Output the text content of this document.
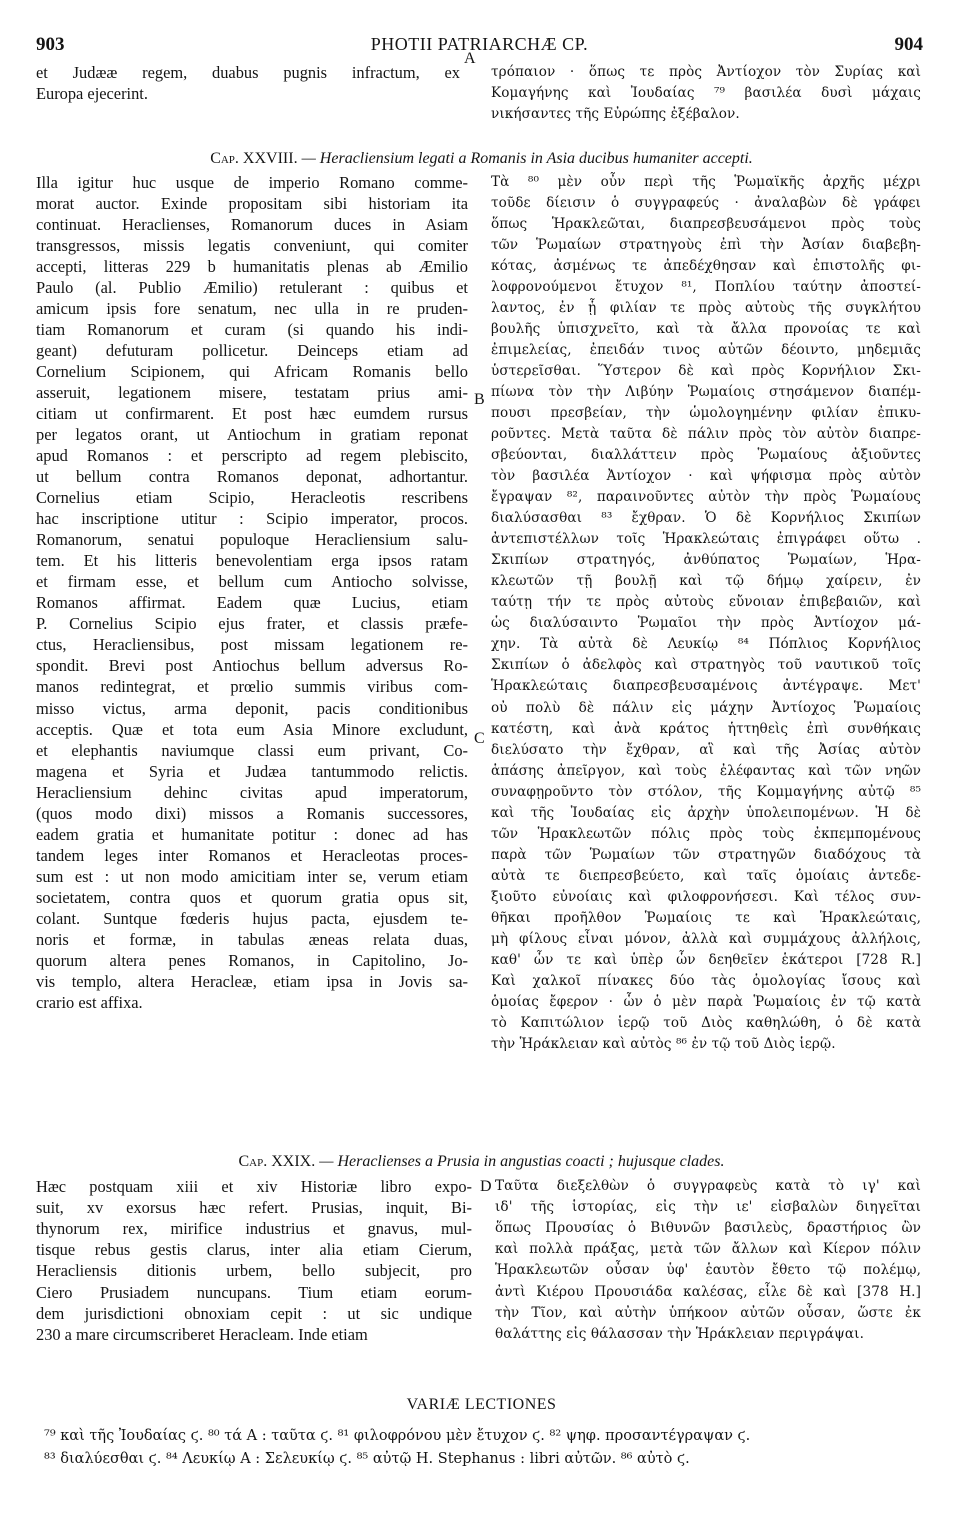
903	PHOTII PATRIARCHÆ CP.	904
et Judææ regem, duabus pugnis infractum, ex
Europa ejecerint.
τρόπαιον · ὅπως τε πρὸς Ἀντίοχον τὸν Συρίας καὶ
Κομαγήνης καὶ Ἰουδαίας ⁷⁹ βασιλέα δυσὶ μάχαις
νικήσαντες τῆς Εὐρώπης ἐξέβαλον.
A
Cap. XXVIII. — Heracliensium legati a Romanis in Asia ducibus humaniter accepti.
Illa igitur huc usque de imperio Romano comme-
morat auctor. Exinde propositam sibi historiam ita
continuat. Heraclienses, Romanorum duces in Asiam
transgressos, missis legatis conveniunt, qui comiter
accepti, litteras 229 b humanitatis plenas ab Æmilio
Paulo (al. Publio Æmilio) retulerant : quibus et
amicum ipsis fore senatum, nec ulla in re pruden-
tiam Romanorum et curam (si quando his indi-
geant) defuturam pollicetur. Deinceps etiam ad
Cornelium Scipionem, qui Africam Romanis bello
asseruit, legationem misere, testatam prius ami-
citiam ut confirmarent. Et post hæc eumdem rursus
per legatos orant, ut Antiochum in gratiam reponat
apud Romanos : et perscripto ad regem plebiscito,
ut bellum contra Romanos deponat, adhortantur.
Cornelius etiam Scipio, Heracleotis rescribens
hac inscriptione utitur : Scipio imperator, procos.
Romanorum, senatui populoque Heracliensium salu-
tem. Et his litteris benevolentiam erga ipsos ratam
et firmam esse, et bellum cum Antiocho solvisse,
Romanos affirmat. Eadem quæ Lucius, etiam
P. Cornelius Scipio ejus frater, et classis præfe-
ctus, Heracliensibus, post missam legationem re-
spondit. Brevi post Antiochus bellum adversus Ro-
manos redintegrat, et prœlio summis viribus com-
misso victus, arma deponit, pacis conditionibus
acceptis. Quæ et tota eum Asia Minore excludunt,
et elephantis naviumque classi eum privant, Co-
magena et Syria et Judæa tantummodo relictis.
Heracliensium dehinc civitas apud imperatorum,
(quos modo dixi) missos a Romanis successores,
eadem gratia et humanitate potitur : donec ad has
tandem leges inter Romanos et Heracleotas proces-
sum est : ut non modo amicitiam inter se, verum etiam
societatem, contra quos et quorum gratia opus sit,
colant. Suntque fœderis hujus pacta, ejusdem te-
noris et formæ, in tabulas æneas relata duas,
quorum altera penes Romanos, in Capitolino, Jo-
vis templo, altera Heracleæ, etiam ipsa in Jovis sa-
crario est affixa.
Τὰ ⁸⁰ μὲν οὖν περὶ τῆς Ῥωμαϊκῆς ἀρχῆς μέχρι
τοῦδε δίεισιν ὁ συγγραφεύς · ἀναλαβὼν δὲ γράφει
ὅπως Ἡρακλεῶται, διαπρεσβευσάμενοι πρὸς τοὺς
τῶν Ῥωμαίων στρατηγοὺς ἐπὶ τὴν Ἀσίαν διαβεβη-
κότας, ἀσμένως τε ἀπεδέχθησαν καὶ ἐπιστολῆς φι-
λοφρονούμενοι ἔτυχον ⁸¹, Ποπλίου ταύτην ἀποστεί-
λαντος, ἐν ᾗ φιλίαν τε πρὸς αὐτοὺς τῆς συγκλήτου
βουλῆς ὑπισχνεῖτο, καὶ τὰ ἄλλα προνοίας τε καὶ
ἐπιμελείας, ἐπειδάν τινος αὐτῶν δέοιντο, μηδεμιᾶς
ὑστερεῖσθαι. Ὕστερον δὲ καὶ πρὸς Κορνήλιον Σκι-
πίωνα τὸν τὴν Λιβύην Ῥωμαίοις στησάμενον διαπέμ-
πουσι πρεσβείαν, τὴν ὡμολογημένην φιλίαν ἐπικυ-
ροῦντες. Μετὰ ταῦτα δὲ πάλιν πρὸς τὸν αὐτὸν διαπρε-
σβεύονται, διαλλάττειν πρὸς Ῥωμαίους ἀξιοῦντες
τὸν βασιλέα Ἀντίοχον · καὶ ψήφισμα πρὸς αὐτὸν
ἔγραψαν ⁸², παραινοῦντες αὐτὸν τὴν πρὸς Ῥωμαίους
διαλύσασθαι ⁸³ ἔχθραν. Ὁ δὲ Κορνήλιος Σκιπίων
ἀντεπιστέλλων τοῖς Ἡρακλεώταις ἐπιγράφει οὕτω .
Σκιπίων στρατηγός, ἀνθύπατος Ῥωμαίων, Ἡρα-
κλεωτῶν τῇ βουλῇ καὶ τῷ δήμῳ χαίρειν, ἐν
ταύτῃ τήν τε πρὸς αὐτοὺς εὔνοιαν ἐπιβεβαιῶν, καὶ
ὡς διαλύσαιντο Ῥωμαῖοι τὴν πρὸς Ἀντίοχον μά-
χην. Τὰ αὐτὰ δὲ Λευκίῳ ⁸⁴ Πόπλιος Κορνήλιος
Σκιπίων ὁ ἀδελφὸς καὶ στρατηγὸς τοῦ ναυτικοῦ τοῖς
Ἡρακλεώταις διαπρεσβευσαμένοις ἀντέγραψε. Μετ'
οὐ πολὺ δὲ πάλιν εἰς μάχην Ἀντίοχος Ῥωμαίοις
κατέστη, καὶ ἀνὰ κράτος ἡττηθεὶς ἐπὶ συνθήκαις
διελύσατο τὴν ἔχθραν, αἳ καὶ τῆς Ἀσίας αὐτὸν
ἁπάσης ἀπεῖργον, καὶ τοὺς ἐλέφαντας καὶ τῶν νηῶν
συναφῃροῦντο τὸν στόλον, τῆς Κομμαγήνης αὐτῷ ⁸⁵
καὶ τῆς Ἰουδαίας εἰς ἀρχὴν ὑπολειπομένων. Ἡ δὲ
τῶν Ἡρακλεωτῶν πόλις πρὸς τοὺς ἐκπεμπομένους
παρὰ τῶν Ῥωμαίων τῶν στρατηγῶν διαδόχους τὰ
αὐτὰ τε διεπρεσβεύετο, καὶ ταῖς ὁμοίαις ἀντεδε-
ξιοῦτο εὐνοίαις καὶ φιλοφρονήσεσι. Καὶ τέλος συν-
θῆκαι προῆλθον Ῥωμαίοις τε καὶ Ἡρακλεώταις,
μὴ φίλους εἶναι μόνον, ἀλλὰ καὶ συμμάχους ἀλλήλοις,
καθ' ὧν τε καὶ ὑπὲρ ὧν δεηθεῖεν ἑκάτεροι [728 R.]
Καὶ χαλκοῖ πίνακες δύο τὰς ὁμολογίας ἴσους καὶ
ὁμοίας ἔφερον · ὧν ὁ μὲν παρὰ Ῥωμαίοις ἐν τῷ κατὰ
τὸ Καπιτώλιον ἱερῷ τοῦ Διὸς καθηλώθη, ὁ δὲ κατὰ
τὴν Ἡράκλειαν καὶ αὐτὸς ⁸⁶ ἐν τῷ τοῦ Διὸς ἱερῷ.
B
C
Cap. XXIX. — Heraclienses a Prusia in angustias coacti ; hujusque clades.
Hæc postquam xiii et xiv Historiæ libro expo-
suit, xv exorsus hæc refert. Prusias, inquit, Bi-
thynorum rex, mirifice industrius et gnavus, mul-
tisque rebus gestis clarus, inter alia etiam Cierum,
Heracliensis ditionis urbem, bello subjecit, pro
Ciero Prusiadem nuncupans. Tium etiam eorum-
dem jurisdictioni obnoxiam cepit : ut sic undique
230 a mare circumscriberet Heracleam. Inde etiam
Ταῦτα διεξελθὼν ὁ συγγραφεὺς κατὰ τὸ ιγ' καὶ
ιδ' τῆς ἱστορίας, εἰς τὴν ιε' εἰσβαλὼν διηγεῖται
ὅπως Προυσίας ὁ Βιθυνῶν βασιλεὺς, δραστήριος ὢν
καὶ πολλὰ πράξας, μετὰ τῶν ἄλλων καὶ Κίερον πόλιν
Ἡρακλεωτῶν οὖσαν ὑφ' ἑαυτὸν ἔθετο τῷ πολέμῳ,
ἀντὶ Κιέρου Προυσιάδα καλέσας, εἷλε δὲ καὶ [378 H.]
τὴν Τῖον, καὶ αὐτὴν ὑπήκοον αὐτῶν οὖσαν, ὥστε ἐκ
θαλάττης εἰς θάλασσαν τὴν Ἡράκλειαν περιγράψαι.
D
VARIÆ LECTIONES
⁷⁹ καὶ τῆς Ἰουδαίας ϛ. ⁸⁰ τά A : ταῦτα ϛ. ⁸¹ φιλοφρόνου μὲν ἔτυχον ϛ. ⁸² ψηφ. προσαντέγραψαν ϛ.
⁸³ διαλύεσθαι ϛ. ⁸⁴ Λευκίῳ A : Σελευκίῳ ϛ. ⁸⁵ αὐτῷ H. Stephanus : libri αὐτῶν. ⁸⁶ αὐτὸ ϛ.
